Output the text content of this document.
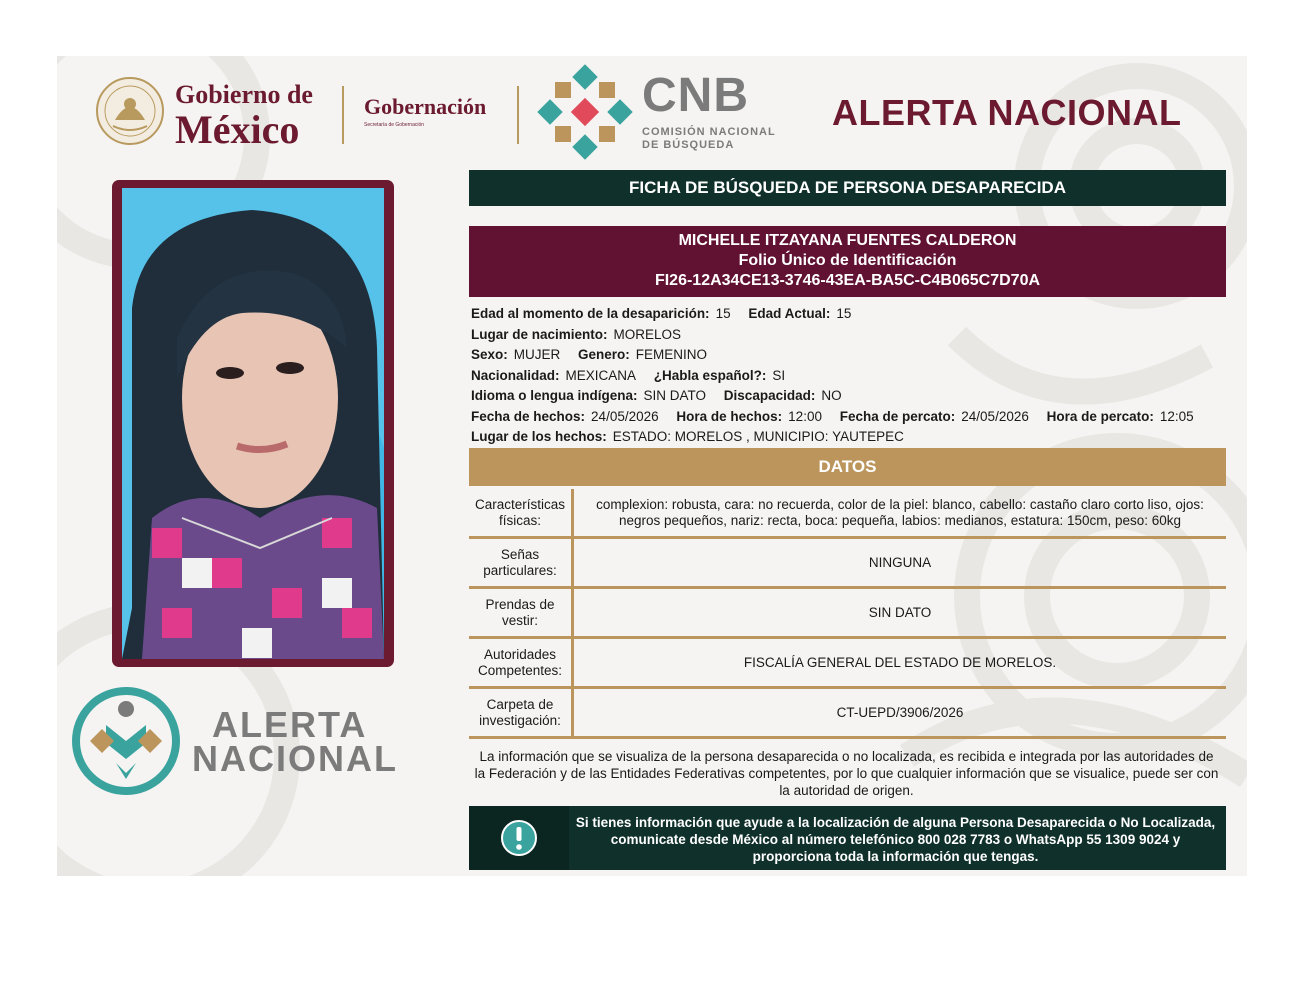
Gobierno de
México
Gobernación
Secretaría de Gobernación
CNB
COMISIÓN NACIONAL
DE BÚSQUEDA
ALERTA NACIONAL
ALERTA
NACIONAL
FICHA DE BÚSQUEDA DE PERSONA DESAPARECIDA
MICHELLE ITZAYANA FUENTES CALDERON
Folio Único de Identificación
FI26-12A34CE13-3746-43EA-BA5C-C4B065C7D70A
Edad al momento de la desaparición: 15 Edad Actual: 15
Lugar de nacimiento: MORELOS
Sexo: MUJER Genero: FEMENINO
Nacionalidad: MEXICANA ¿Habla español?: SI
Idioma o lengua indígena: SIN DATO Discapacidad: NO
Fecha de hechos: 24/05/2026 Hora de hechos: 12:00 Fecha de percato: 24/05/2026 Hora de percato: 12:05
Lugar de los hechos: ESTADO: MORELOS , MUNICIPIO: YAUTEPEC
DATOS
Características físicas:
complexion: robusta, cara: no recuerda, color de la piel: blanco, cabello: castaño claro corto liso, ojos: negros pequeños, nariz: recta, boca: pequeña, labios: medianos, estatura: 150cm, peso: 60kg
Señas particulares:
NINGUNA
Prendas de vestir:
SIN DATO
Autoridades Competentes:
FISCALÍA GENERAL DEL ESTADO DE MORELOS.
Carpeta de investigación:
CT-UEPD/3906/2026
La información que se visualiza de la persona desaparecida o no localizada, es recibida e integrada por las autoridades de la Federación y de las Entidades Federativas competentes, por lo que cualquier información que se visualice, puede ser con la autoridad de origen.
Si tienes información que ayude a la localización de alguna Persona Desaparecida o No Localizada, comunicate desde México al número telefónico 800 028 7783 o WhatsApp 55 1309 9024 y proporciona toda la información que tengas.
